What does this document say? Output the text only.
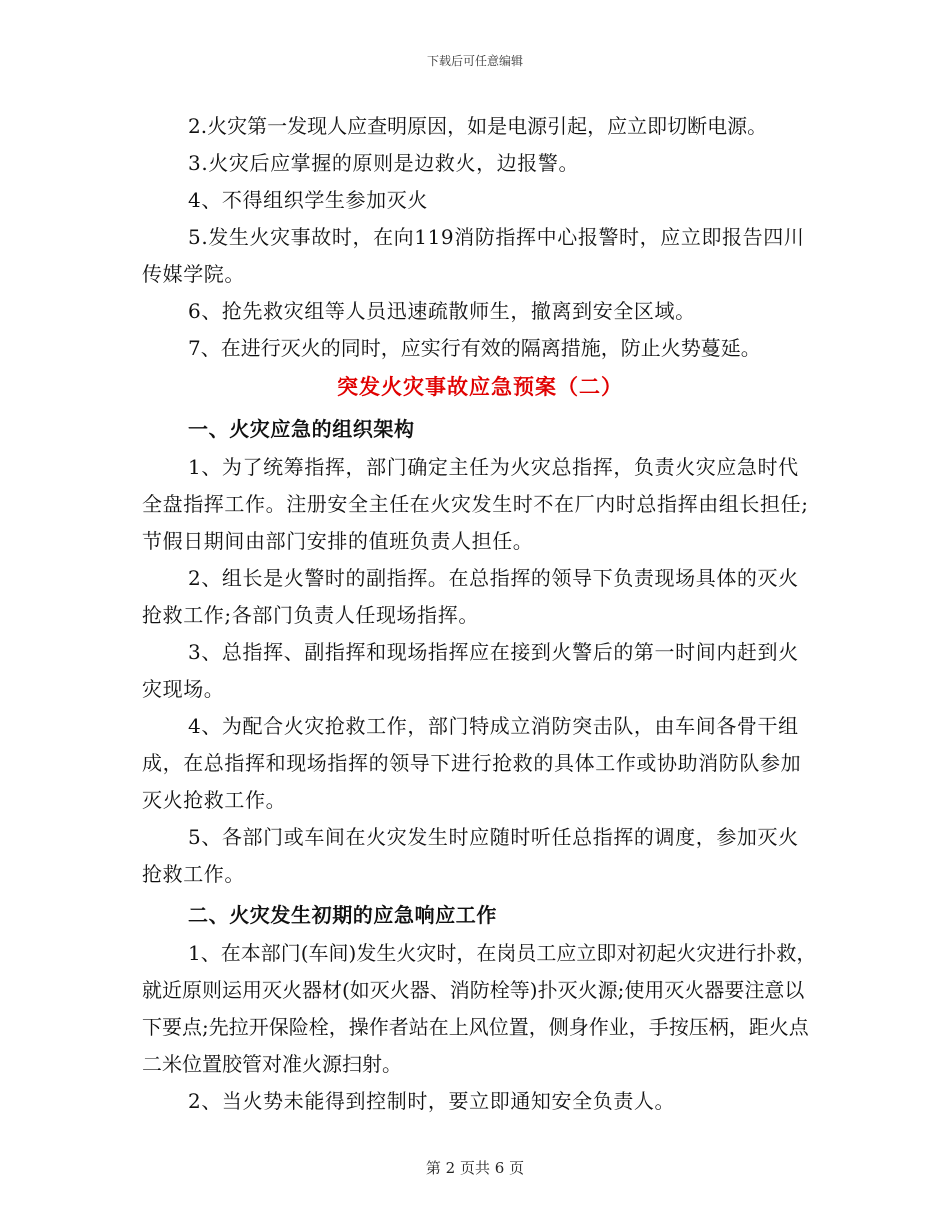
下载后可任意编辑

2.火灾第一发现人应查明原因，如是电源引起，应立即切断电源。

3.火灾后应掌握的原则是边救火，边报警。

4、不得组织学生参加灭火

5.发生火灾事故时，在向119消防指挥中心报警时，应立即报告四川传媒学院。

6、抢先救灾组等人员迅速疏散师生，撤离到安全区域。

7、在进行灭火的同时，应实行有效的隔离措施，防止火势蔓延。

突发火灾事故应急预案（二）

一、火灾应急的组织架构

1、为了统筹指挥，部门确定主任为火灾总指挥，负责火灾应急时代全盘指挥工作。注册安全主任在火灾发生时不在厂内时总指挥由组长担任;节假日期间由部门安排的值班负责人担任。

2、组长是火警时的副指挥。在总指挥的领导下负责现场具体的灭火抢救工作;各部门负责人任现场指挥。

3、总指挥、副指挥和现场指挥应在接到火警后的第一时间内赶到火灾现场。

4、为配合火灾抢救工作，部门特成立消防突击队，由车间各骨干组成，在总指挥和现场指挥的领导下进行抢救的具体工作或协助消防队参加灭火抢救工作。

5、各部门或车间在火灾发生时应随时听任总指挥的调度，参加灭火抢救工作。

二、火灾发生初期的应急响应工作

1、在本部门(车间)发生火灾时，在岗员工应立即对初起火灾进行扑救，就近原则运用灭火器材(如灭火器、消防栓等)扑灭火源;使用灭火器要注意以下要点;先拉开保险栓，操作者站在上风位置，侧身作业，手按压柄，距火点二米位置胶管对准火源扫射。

2、当火势未能得到控制时，要立即通知安全负责人。

第 2 页共 6 页
